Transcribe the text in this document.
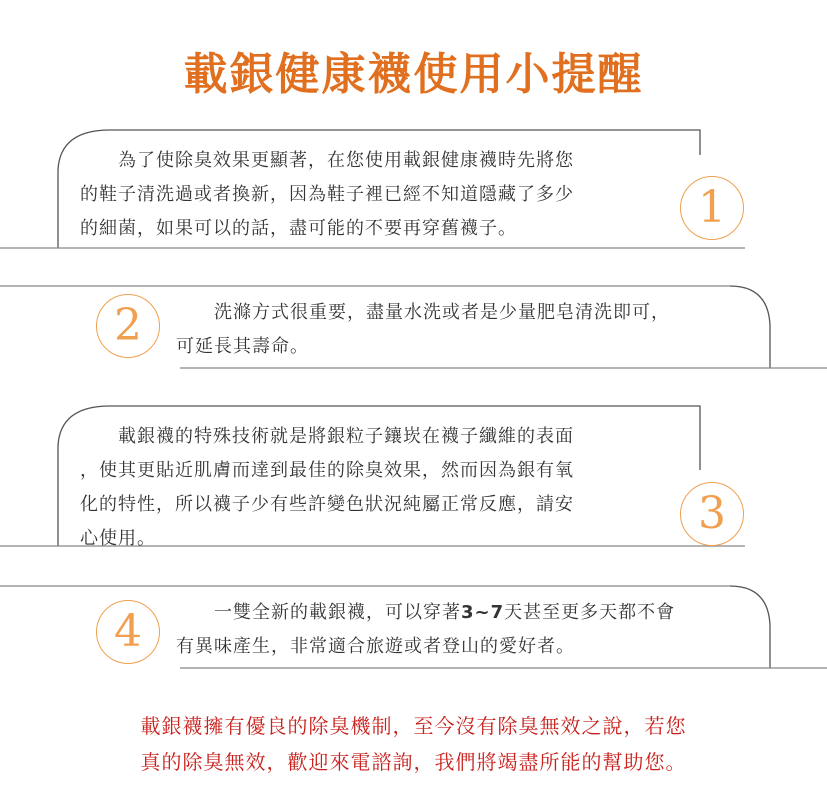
載銀健康襪使用小提醒
　　為了使除臭效果更顯著，在您使用載銀健康襪時先將您
的鞋子清洗過或者換新，因為鞋子裡已經不知道隱藏了多少
的細菌，如果可以的話，盡可能的不要再穿舊襪子。	1
2	　　洗滌方式很重要，盡量水洗或者是少量肥皂清洗即可，
可延長其壽命。
　　載銀襪的特殊技術就是將銀粒子鑲崁在襪子纖維的表面
，使其更貼近肌膚而達到最佳的除臭效果，然而因為銀有氧
化的特性，所以襪子少有些許變色狀況純屬正常反應，請安
心使用。	3
4	　　一雙全新的載銀襪，可以穿著3~7天甚至更多天都不會
有異味產生，非常適合旅遊或者登山的愛好者。
載銀襪擁有優良的除臭機制，至今沒有除臭無效之說，若您
真的除臭無效，歡迎來電諮詢，我們將竭盡所能的幫助您。
